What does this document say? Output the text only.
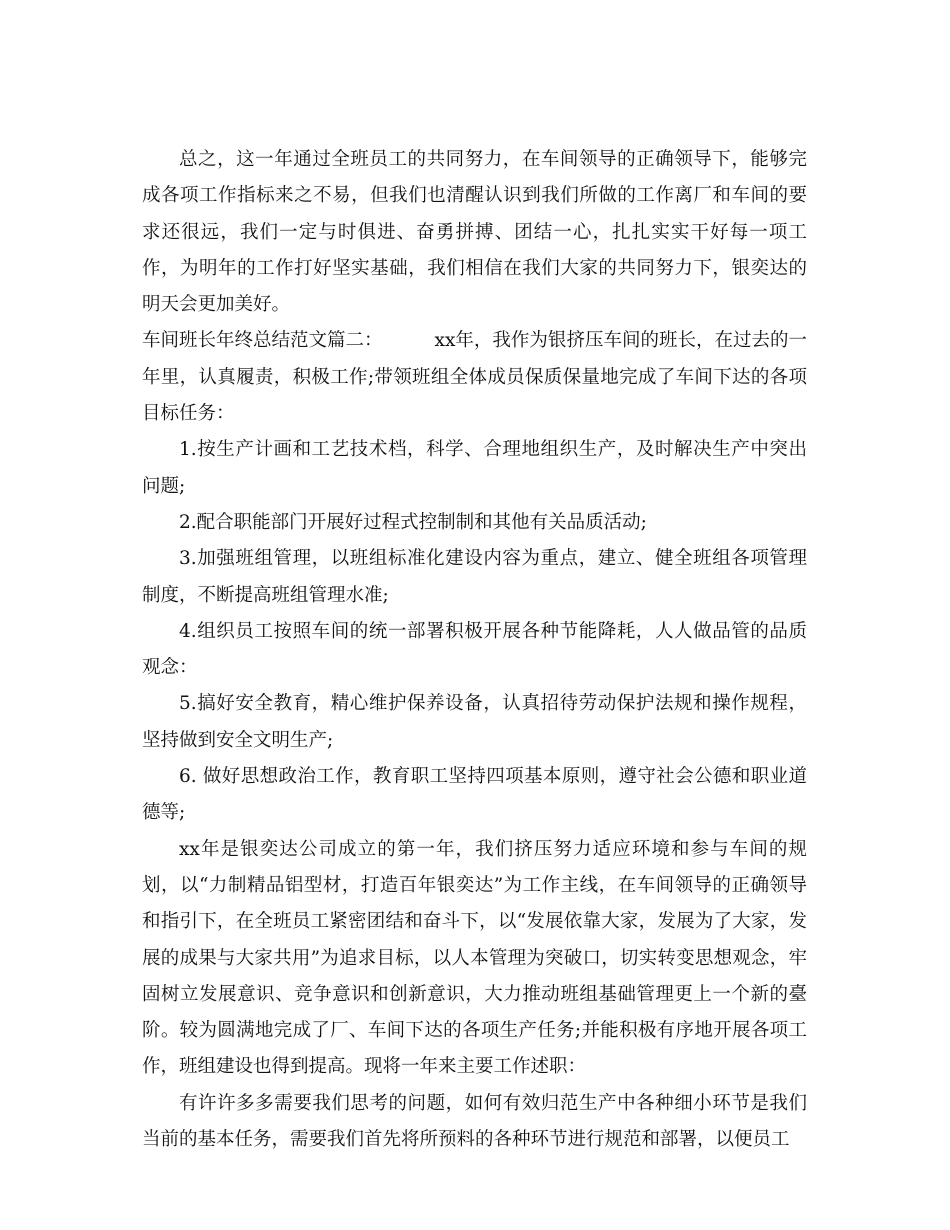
总之，这一年通过全班员工的共同努力，在车间领导的正确领导下，能够完成各项工作指标来之不易，但我们也清醒认识到我们所做的工作离厂和车间的要求还很远，我们一定与时俱进、奋勇拼搏、团结一心，扎扎实实干好每一项工作，为明年的工作打好坚实基础，我们相信在我们大家的共同努力下，银奕达的明天会更加美好。

车间班长年终总结范文篇二：	xx年，我作为银挤压车间的班长，在过去的一年里，认真履责，积极工作;带领班组全体成员保质保量地完成了车间下达的各项目标任务：

1.按生产计画和工艺技术档，科学、合理地组织生产，及时解决生产中突出问题;

2.配合职能部门开展好过程式控制制和其他有关品质活动;

3.加强班组管理，以班组标准化建设内容为重点，建立、健全班组各项管理制度，不断提高班组管理水准;

4.组织员工按照车间的统一部署积极开展各种节能降耗，人人做品管的品质观念：

5.搞好安全教育，精心维护保养设备，认真招待劳动保护法规和操作规程，坚持做到安全文明生产;

6. 做好思想政治工作，教育职工坚持四项基本原则，遵守社会公德和职业道德等;

xx年是银奕达公司成立的第一年，我们挤压努力适应环境和参与车间的规划，以“力制精品铝型材，打造百年银奕达”为工作主线，在车间领导的正确领导和指引下，在全班员工紧密团结和奋斗下，以“发展依靠大家，发展为了大家，发展的成果与大家共用”为追求目标，以人本管理为突破口，切实转变思想观念，牢固树立发展意识、竞争意识和创新意识，大力推动班组基础管理更上一个新的臺阶。较为圆满地完成了厂、车间下达的各项生产任务;并能积极有序地开展各项工作，班组建设也得到提高。现将一年来主要工作述职：

有许许多多需要我们思考的问题，如何有效归范生产中各种细小环节是我们当前的基本任务，需要我们首先将所预料的各种环节进行规范和部署，以便员工
